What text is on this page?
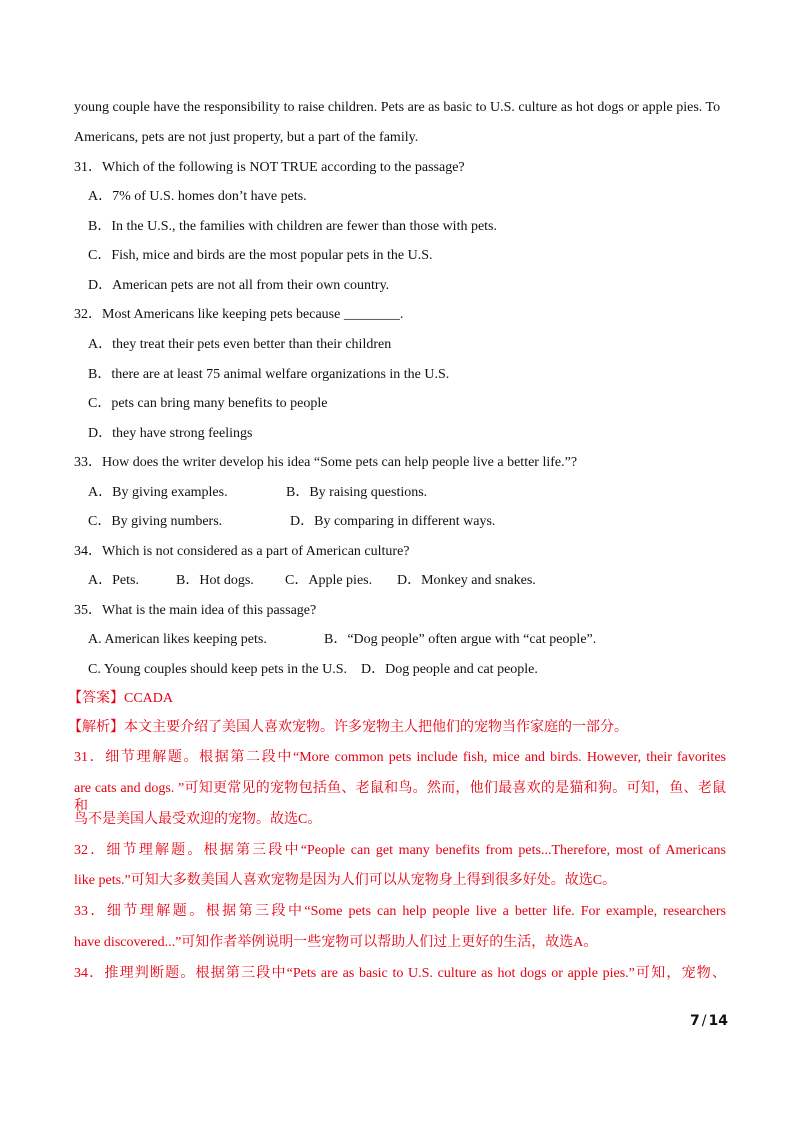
young couple have the responsibility to raise children. Pets are as basic to U.S. culture as hot dogs or apple pies. To
Americans, pets are not just property, but a part of the family.
31．Which of the following is NOT TRUE according to the passage?
A．7% of U.S. homes don’t have pets.
B．In the U.S., the families with children are fewer than those with pets.
C．Fish, mice and birds are the most popular pets in the U.S.
D．American pets are not all from their own country.
32．Most Americans like keeping pets because ________.
A．they treat their pets even better than their children
B．there are at least 75 animal welfare organizations in the U.S.
C．pets can bring many benefits to people
D．they have strong feelings
33．How does the writer develop his idea “Some pets can help people live a better life.”?
A．By giving examples.	B．By raising questions.
C．By giving numbers.	D．By comparing in different ways.
34．Which is not considered as a part of American culture?
A．Pets.	B．Hot dogs. C．Apple pies. D．Monkey and snakes.
35．What is the main idea of this passage?
A. American likes keeping pets.	B．“Dog people” often argue with “cat people”.
C. Young couples should keep pets in the U.S. D．Dog people and cat people.
【答案】CCADA
【解析】本文主要介绍了美国人喜欢宠物。许多宠物主人把他们的宠物当作家庭的一部分。
31．细节理解题。根据第二段中“More common pets include fish, mice and birds. However, their favorites
are cats and dogs. ”可知更常见的宠物包括鱼、老鼠和鸟。然而，他们最喜欢的是猫和狗。可知，鱼、老鼠和
鸟不是美国人最受欢迎的宠物。故选C。
32．细节理解题。根据第三段中“People can get many benefits from pets...Therefore, most of Americans
like pets.”可知大多数美国人喜欢宠物是因为人们可以从宠物身上得到很多好处。故选C。
33．细节理解题。根据第三段中“Some pets can help people live a better life. For example, researchers
have discovered...”可知作者举例说明一些宠物可以帮助人们过上更好的生活，故选A。
34．推理判断题。根据第三段中“Pets are as basic to U.S. culture as hot dogs or apple pies.”可知，宠物、
7 / 14
